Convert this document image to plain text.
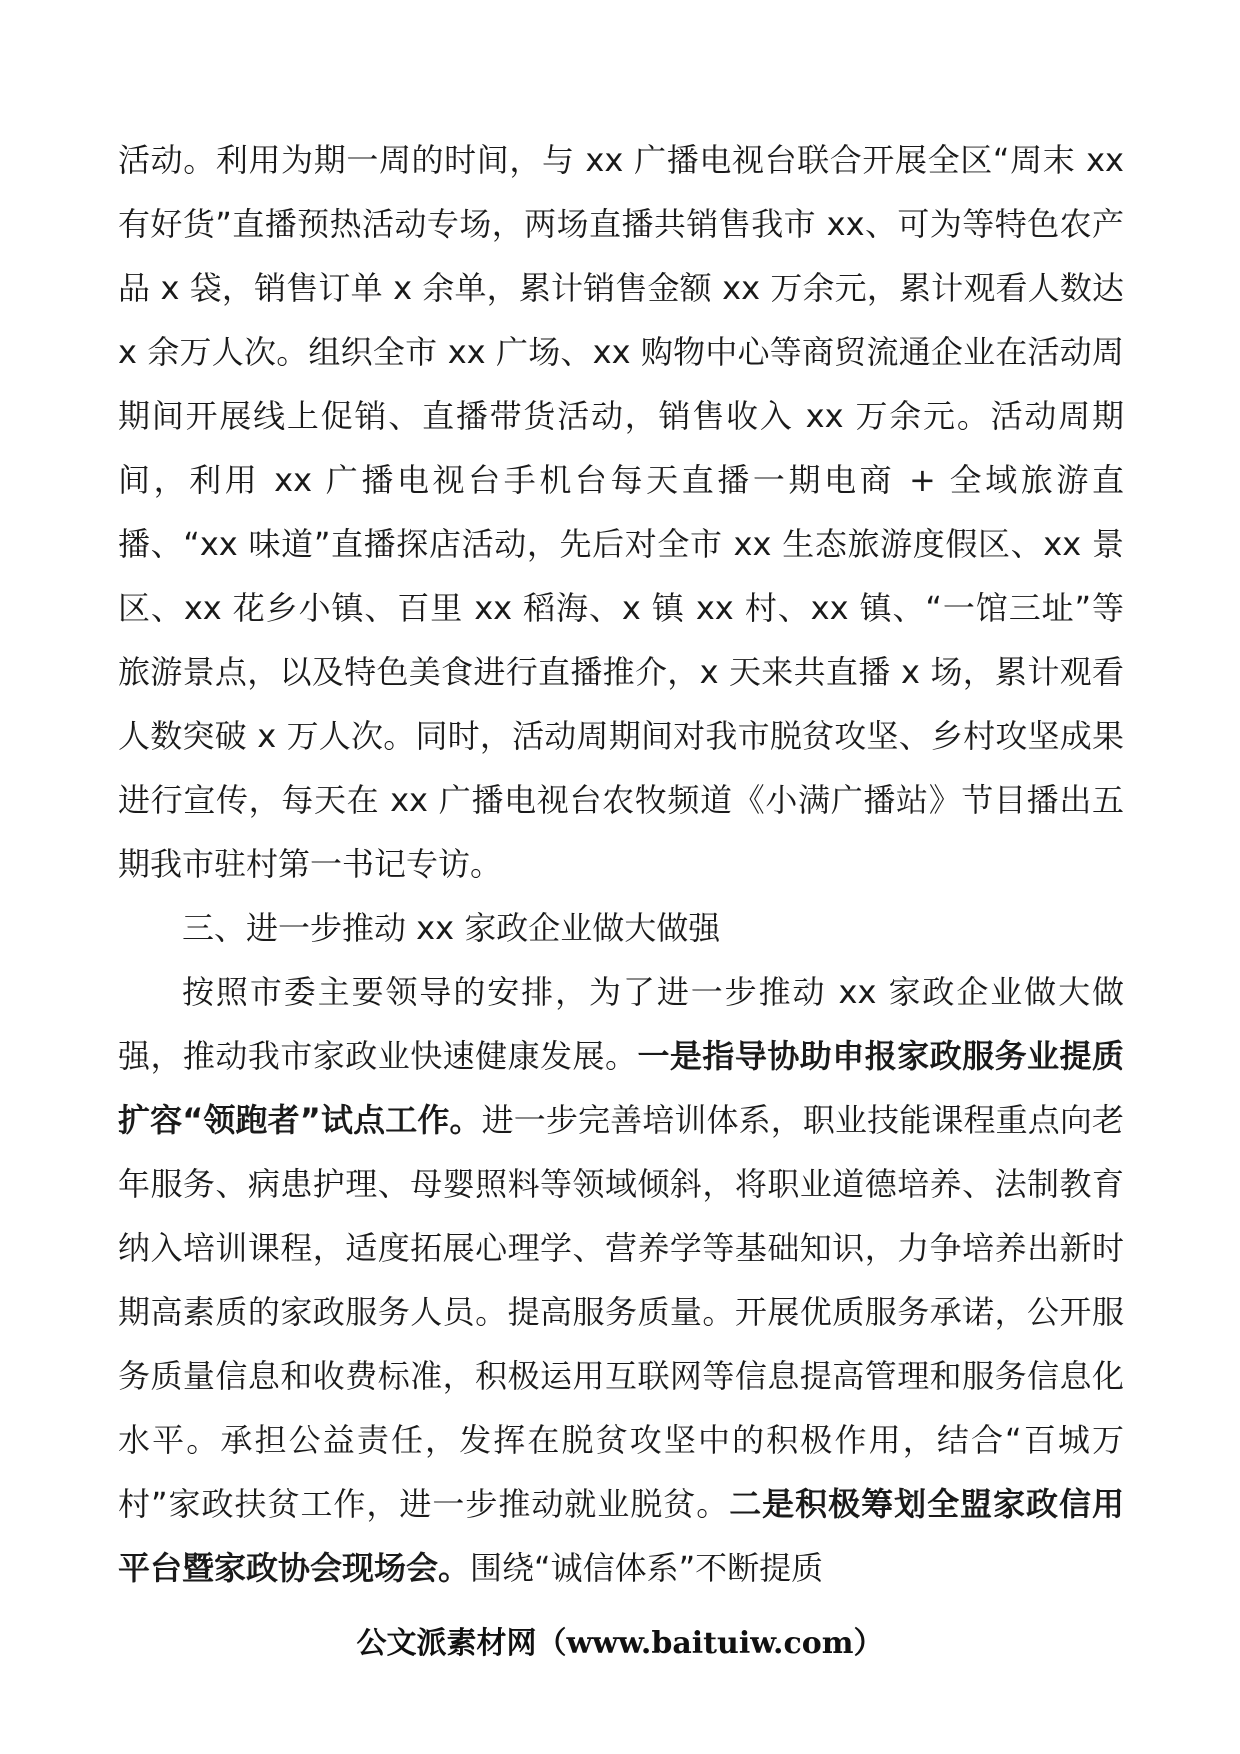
活动。利用为期一周的时间，与 xx 广播电视台联合开展全区“周末 xx 有好货”直播预热活动专场，两场直播共销售我市 xx、可为等特色农产品 x 袋，销售订单 x 余单，累计销售金额 xx 万余元，累计观看人数达 x 余万人次。组织全市 xx 广场、xx 购物中心等商贸流通企业在活动周期间开展线上促销、直播带货活动，销售收入 xx 万余元。活动周期间，利用 xx 广播电视台手机台每天直播一期电商 + 全域旅游直播、“xx 味道”直播探店活动，先后对全市 xx 生态旅游度假区、xx 景区、xx 花乡小镇、百里 xx 稻海、x 镇 xx 村、xx 镇、“一馆三址”等旅游景点，以及特色美食进行直播推介，x 天来共直播 x 场，累计观看人数突破 x 万人次。同时，活动周期间对我市脱贫攻坚、乡村攻坚成果进行宣传，每天在 xx 广播电视台农牧频道《小满广播站》节目播出五期我市驻村第一书记专访。

三、进一步推动 xx 家政企业做大做强

按照市委主要领导的安排，为了进一步推动 xx 家政企业做大做强，推动我市家政业快速健康发展。一是指导协助申报家政服务业提质扩容“领跑者”试点工作。进一步完善培训体系，职业技能课程重点向老年服务、病患护理、母婴照料等领域倾斜，将职业道德培养、法制教育纳入培训课程，适度拓展心理学、营养学等基础知识，力争培养出新时期高素质的家政服务人员。提高服务质量。开展优质服务承诺，公开服务质量信息和收费标准，积极运用互联网等信息提高管理和服务信息化水平。承担公益责任，发挥在脱贫攻坚中的积极作用，结合“百城万村”家政扶贫工作，进一步推动就业脱贫。二是积极筹划全盟家政信用平台暨家政协会现场会。围绕“诚信体系”不断提质

公文派素材网（www.baituiw.com）
